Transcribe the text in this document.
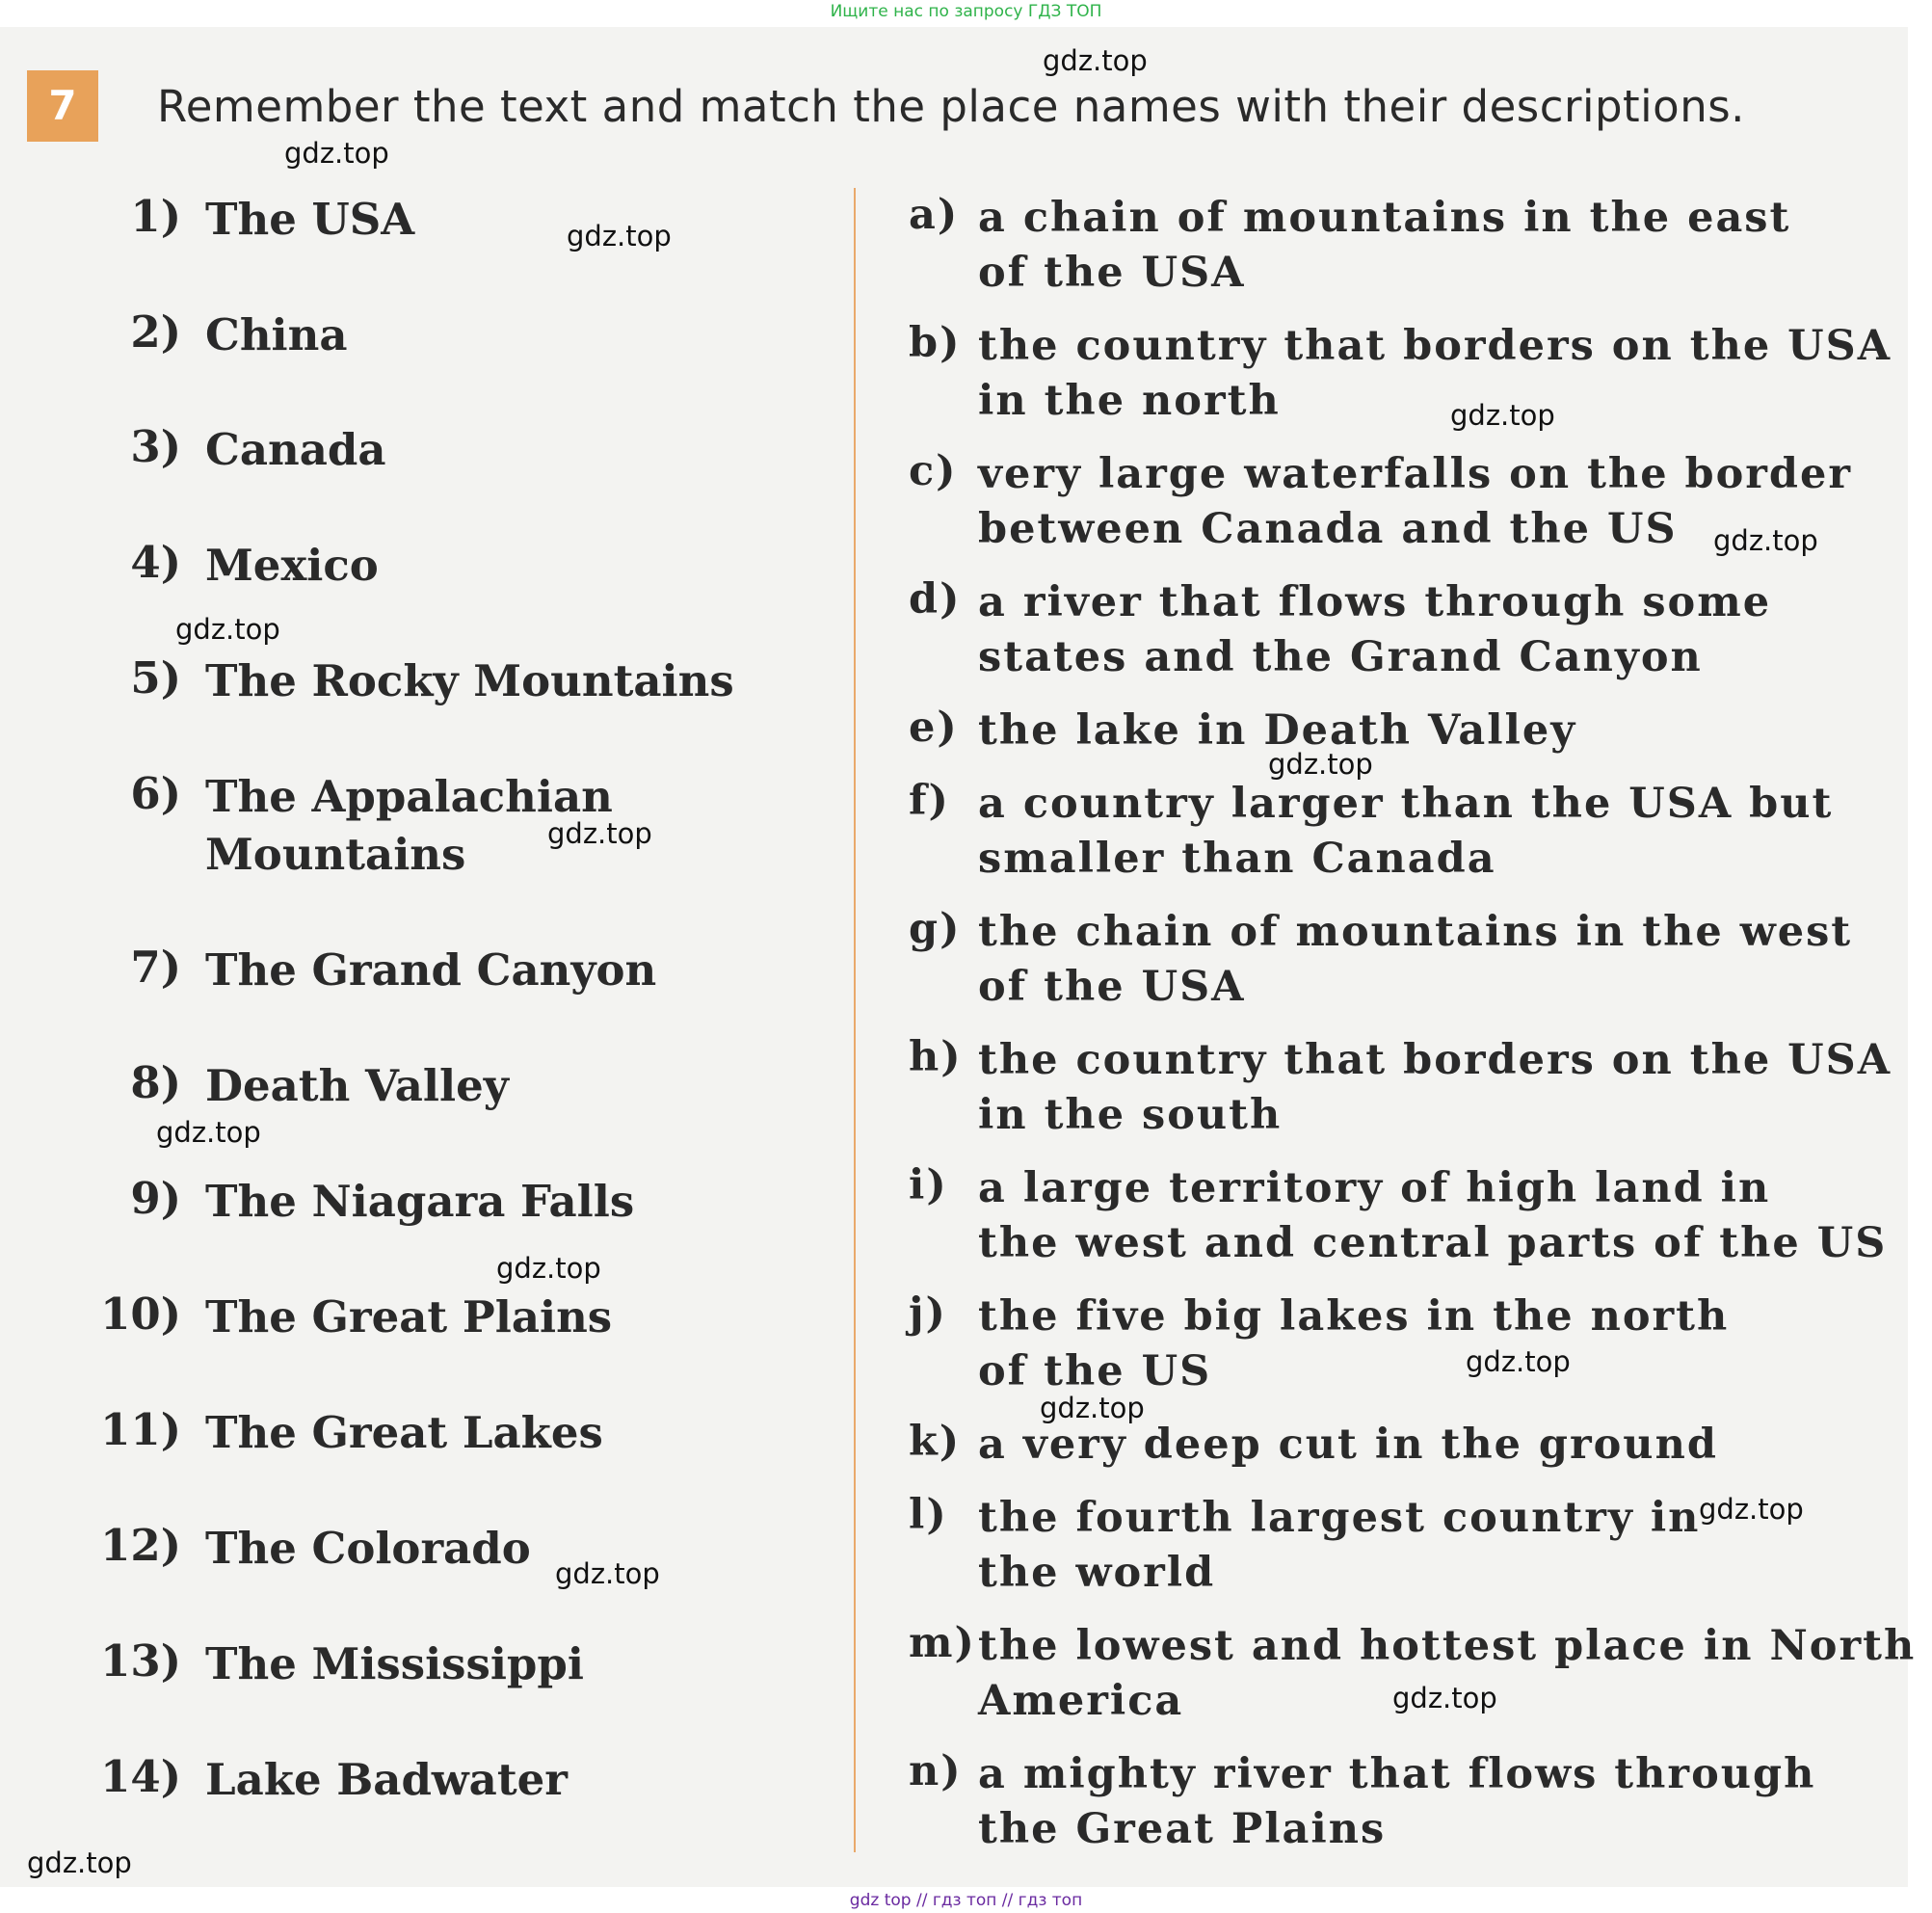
Ищите нас по запросу ГДЗ ТОП
7	Remember the text and match the place names with their descriptions.
1) The USA
2) China
3) Canada
4) Mexico
5) The Rocky Mountains
6) The Appalachian
Mountains
7) The Grand Canyon
8) Death Valley
9) The Niagara Falls
10) The Great Plains
11) The Great Lakes
12) The Colorado
13) The Mississippi
14) Lake Badwater
a) a chain of mountains in the east
of the USA
b) the country that borders on the USA
in the north
c) very large waterfalls on the border
between Canada and the US
d) a river that flows through some
states and the Grand Canyon
e) the lake in Death Valley
f) a country larger than the USA but
smaller than Canada
g) the chain of mountains in the west
of the USA
h) the country that borders on the USA
in the south
i) a large territory of high land in
the west and central parts of the US
j) the five big lakes in the north
of the US
k) a very deep cut in the ground
l) the fourth largest country in
the world
m) the lowest and hottest place in North
America
n) a mighty river that flows through
the Great Plains
gdz.top
gdz.top
gdz.top
gdz.top
gdz.top
gdz.top
gdz.top
gdz.top
gdz.top
gdz.top
gdz.top
gdz.top
gdz.top
gdz.top
gdz.top
gdz.top
gdz top // гдз топ // гдз топ
